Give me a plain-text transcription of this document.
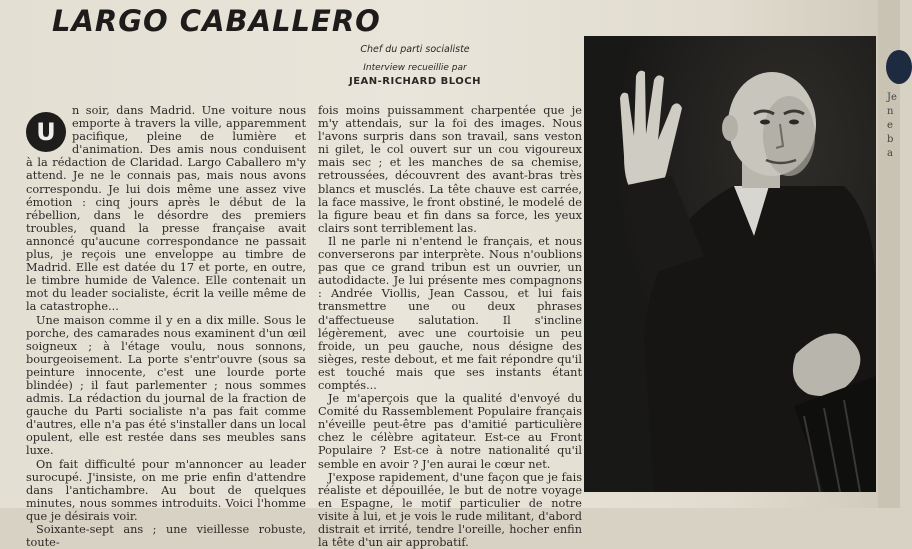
LARGO CABALLERO
Chef du parti socialiste
Interview recueillie par
JEAN-RICHARD BLOCH
U

n soir, dans Madrid. Une voiture nous emporte à travers la ville, apparemment pacifique, pleine de lumière et d'animation. Des amis nous conduisent à la rédaction de Claridad. Largo Caballero m'y attend. Je ne le connais pas, mais nous avons correspondu. Je lui dois même une assez vive émotion : cinq jours après le début de la rébellion, dans le désordre des premiers troubles, quand la presse française avait annoncé qu'aucune correspondance ne passait plus, je reçois une enveloppe au timbre de Madrid. Elle est datée du 17 et porte, en outre, le timbre humide de Valence. Elle contenait un mot du leader socialiste, écrit la veille même de la catastrophe...

Une maison comme il y en a dix mille. Sous le porche, des camarades nous examinent d'un œil soigneux ; à l'étage voulu, nous sonnons, bourgeoisement. La porte s'entr'ouvre (sous sa peinture innocente, c'est une lourde porte blindée) ; il faut parlementer ; nous sommes admis. La rédaction du journal de la fraction de gauche du Parti socialiste n'a pas fait comme d'autres, elle n'a pas été s'installer dans un local opulent, elle est restée dans ses meubles sans luxe.

On fait difficulté pour m'annoncer au leader surocupé. J'insiste, on me prie enfin d'attendre dans l'antichambre. Au bout de quelques minutes, nous sommes introduits. Voici l'homme que je désirais voir.

Soixante-sept ans ; une vieillesse robuste, toute-

fois moins puissamment charpentée que je m'y attendais, sur la foi des images. Nous l'avons surpris dans son travail, sans veston ni gilet, le col ouvert sur un cou vigoureux mais sec ; et les manches de sa chemise, retroussées, découvrent des avant-bras très blancs et musclés. La tête chauve est carrée, la face massive, le front obstiné, le modelé de la figure beau et fin dans sa force, les yeux clairs sont terriblement las.

Il ne parle ni n'entend le français, et nous converserons par interprète. Nous n'oublions pas que ce grand tribun est un ouvrier, un autodidacte. Je lui présente mes compagnons : Andrée Viollis, Jean Cassou, et lui fais transmettre une ou deux phrases d'affectueuse salutation. Il s'incline légèrement, avec une courtoisie un peu froide, un peu gauche, nous désigne des sièges, reste debout, et me fait répondre qu'il est touché mais que ses instants étant comptés...

Je m'aperçois que la qualité d'envoyé du Comité du Rassemblement Populaire français n'éveille peut-être pas d'amitié particulière chez le célèbre agitateur. Est-ce au Front Populaire ? Est-ce à notre nationalité qu'il semble en avoir ? J'en aurai le cœur net.

J'expose rapidement, d'une façon que je fais réaliste et dépouillée, le but de notre voyage en Espagne, le motif particulier de notre visite à lui, et je vois le rude militant, d'abord distrait et irrité, tendre l'oreille, hocher enfin la tête d'un air approbatif.

Je
n
e
b
a
